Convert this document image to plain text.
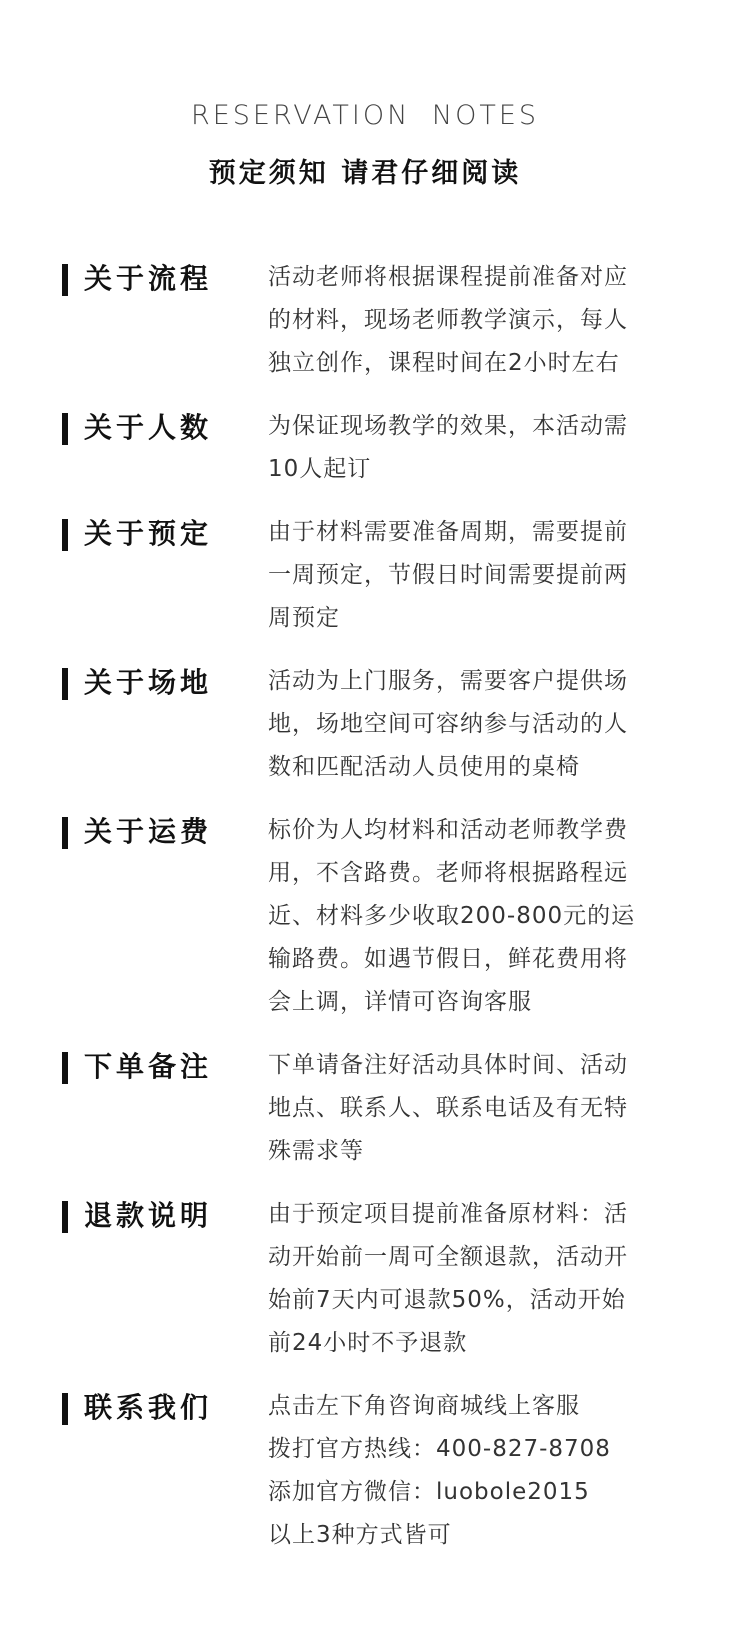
RESERVATION NOTES
预定须知 请君仔细阅读
关于流程 活动老师将根据课程提前准备对应
的材料，现场老师教学演示，每人
独立创作，课程时间在2小时左右
关于人数 为保证现场教学的效果，本活动需
10人起订
关于预定 由于材料需要准备周期，需要提前
一周预定，节假日时间需要提前两
周预定
关于场地 活动为上门服务，需要客户提供场
地，场地空间可容纳参与活动的人
数和匹配活动人员使用的桌椅
关于运费 标价为人均材料和活动老师教学费
用，不含路费。老师将根据路程远
近、材料多少收取200-800元的运
输路费。如遇节假日，鲜花费用将
会上调，详情可咨询客服
下单备注 下单请备注好活动具体时间、活动
地点、联系人、联系电话及有无特
殊需求等
退款说明 由于预定项目提前准备原材料：活
动开始前一周可全额退款，活动开
始前7天内可退款50%，活动开始
前24小时不予退款
联系我们 点击左下角咨询商城线上客服
拨打官方热线：400-827-8708
添加官方微信：luobole2015
以上3种方式皆可
